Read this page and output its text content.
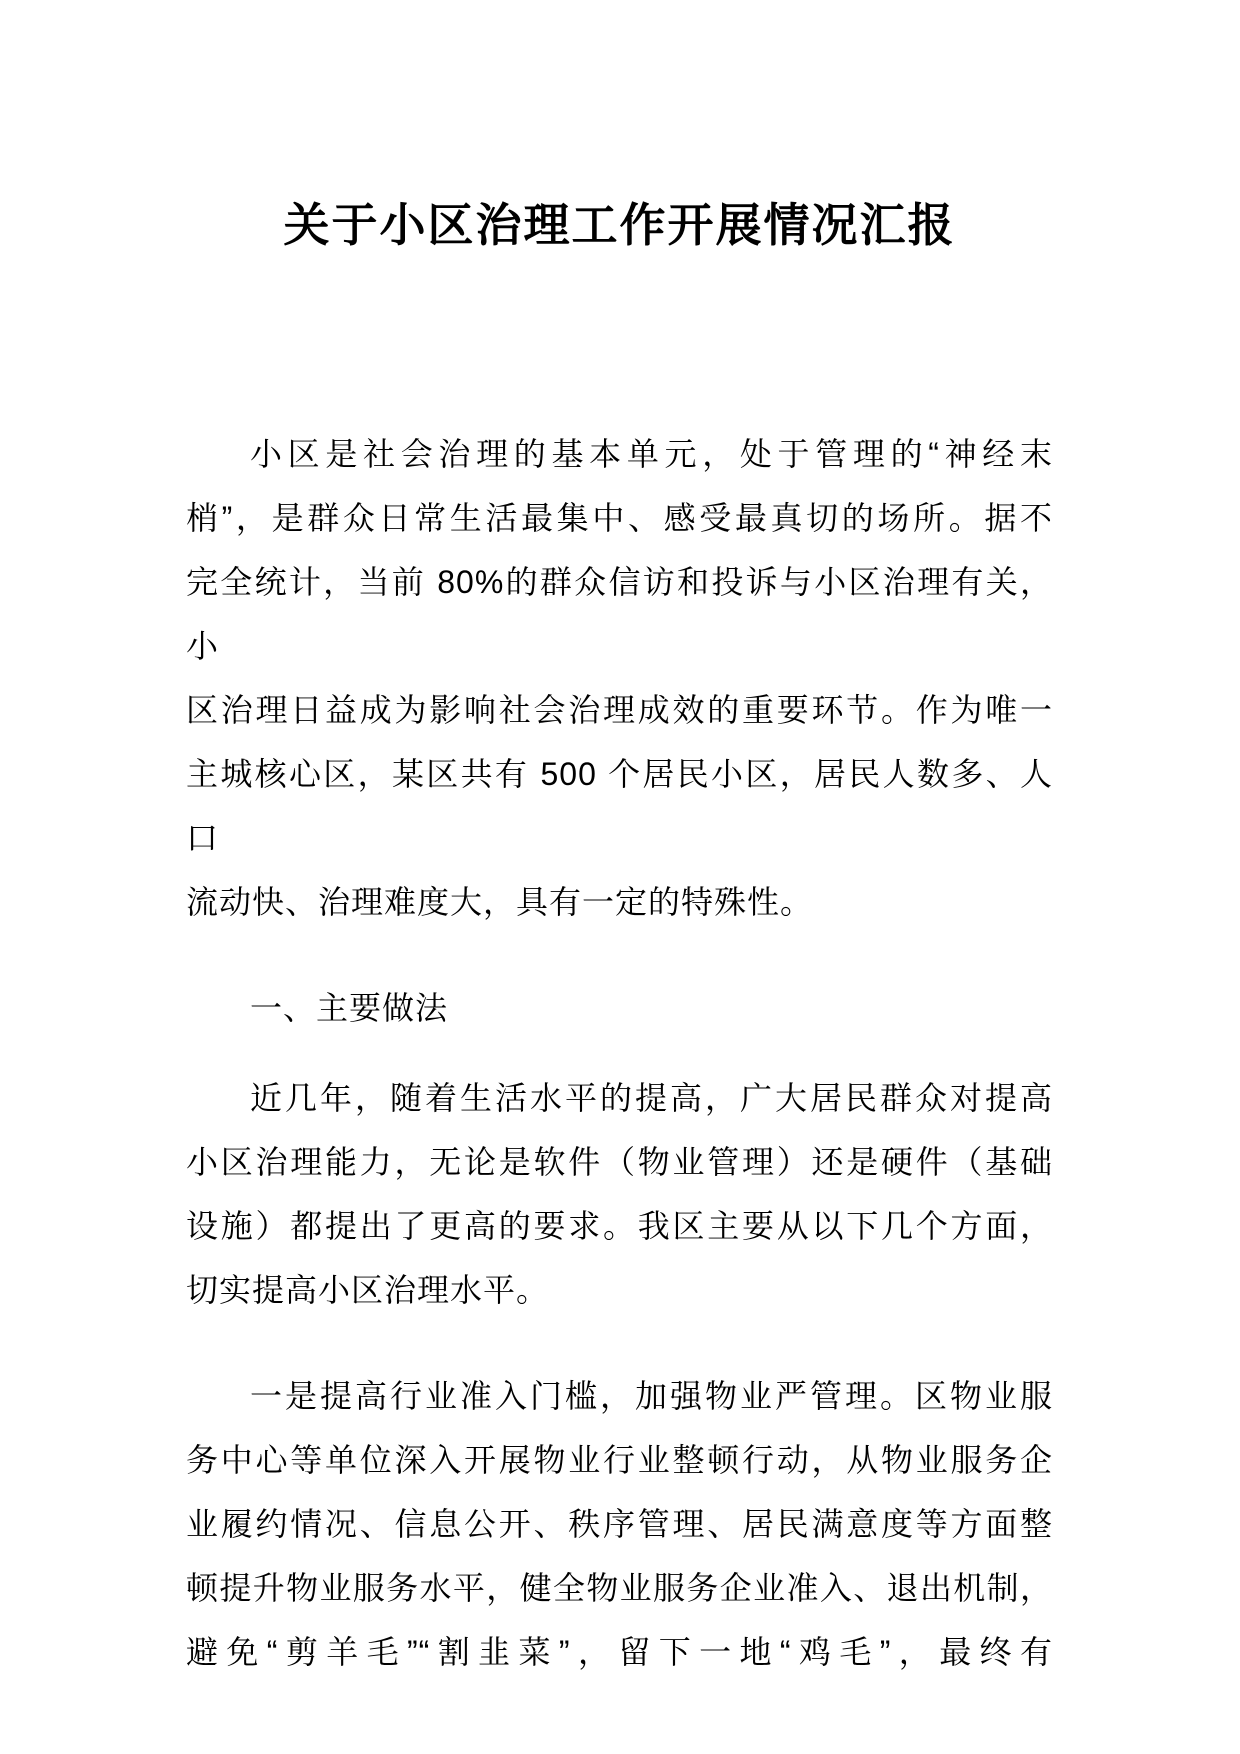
关于小区治理工作开展情况汇报
小区是社会治理的基本单元，处于管理的“神经末
梢”，是群众日常生活最集中、感受最真切的场所。据不
完全统计，当前 80%的群众信访和投诉与小区治理有关，小
区治理日益成为影响社会治理成效的重要环节。作为唯一
主城核心区，某区共有 500 个居民小区，居民人数多、人口
流动快、治理难度大，具有一定的特殊性。
一、主要做法
近几年，随着生活水平的提高，广大居民群众对提高
小区治理能力，无论是软件（物业管理）还是硬件（基础
设施）都提出了更高的要求。我区主要从以下几个方面，
切实提高小区治理水平。
一是提高行业准入门槛，加强物业严管理。区物业服
务中心等单位深入开展物业行业整顿行动，从物业服务企
业履约情况、信息公开、秩序管理、居民满意度等方面整
顿提升物业服务水平，健全物业服务企业准入、退出机制，
避免“剪羊毛”“割韭菜”，留下一地“鸡毛”，最终有
